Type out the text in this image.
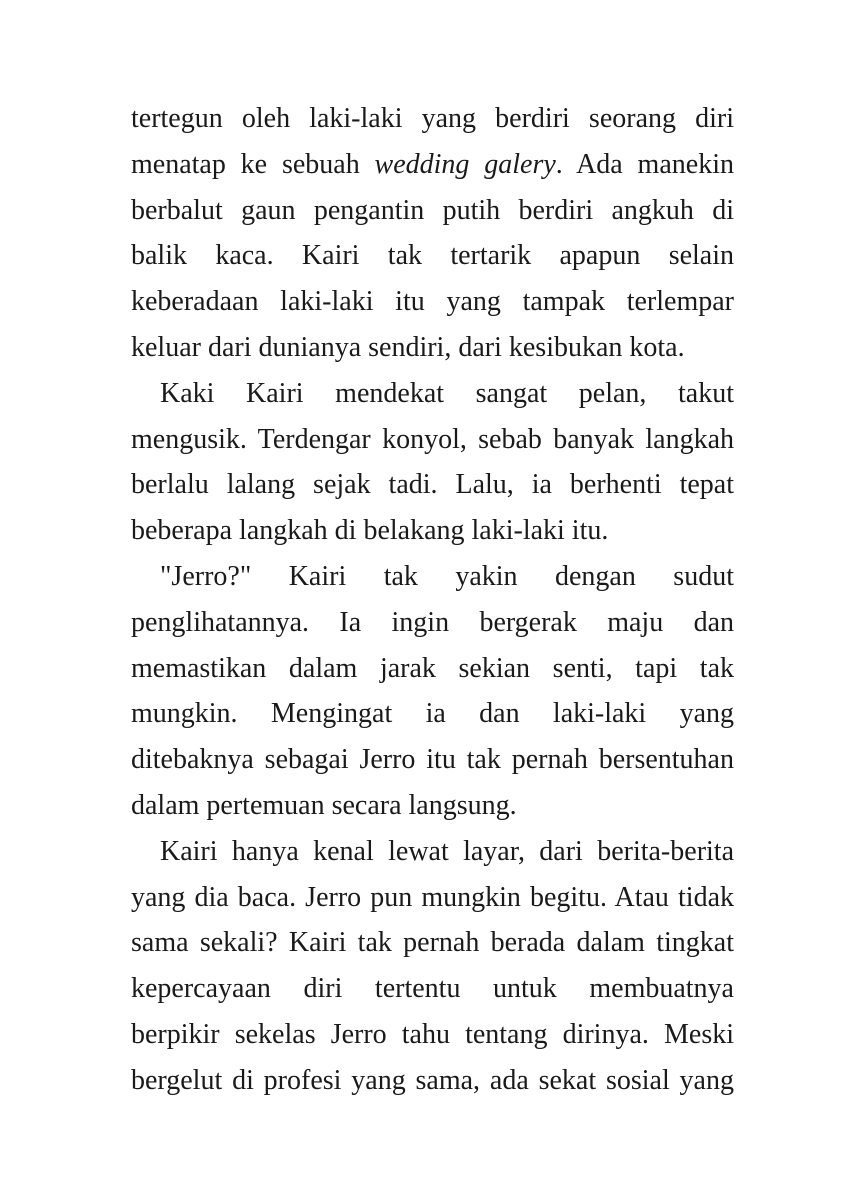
tertegun oleh laki-laki yang berdiri seorang diri
menatap ke sebuah wedding galery. Ada manekin
berbalut gaun pengantin putih berdiri angkuh di
balik kaca. Kairi tak tertarik apapun selain
keberadaan laki-laki itu yang tampak terlempar
keluar dari dunianya sendiri, dari kesibukan kota.
Kaki Kairi mendekat sangat pelan, takut
mengusik. Terdengar konyol, sebab banyak langkah
berlalu lalang sejak tadi. Lalu, ia berhenti tepat
beberapa langkah di belakang laki-laki itu.
"Jerro?" Kairi tak yakin dengan sudut
penglihatannya. Ia ingin bergerak maju dan
memastikan dalam jarak sekian senti, tapi tak
mungkin. Mengingat ia dan laki-laki yang
ditebaknya sebagai Jerro itu tak pernah bersentuhan
dalam pertemuan secara langsung.
Kairi hanya kenal lewat layar, dari berita-berita
yang dia baca. Jerro pun mungkin begitu. Atau tidak
sama sekali? Kairi tak pernah berada dalam tingkat
kepercayaan diri tertentu untuk membuatnya
berpikir sekelas Jerro tahu tentang dirinya. Meski
bergelut di profesi yang sama, ada sekat sosial yang
